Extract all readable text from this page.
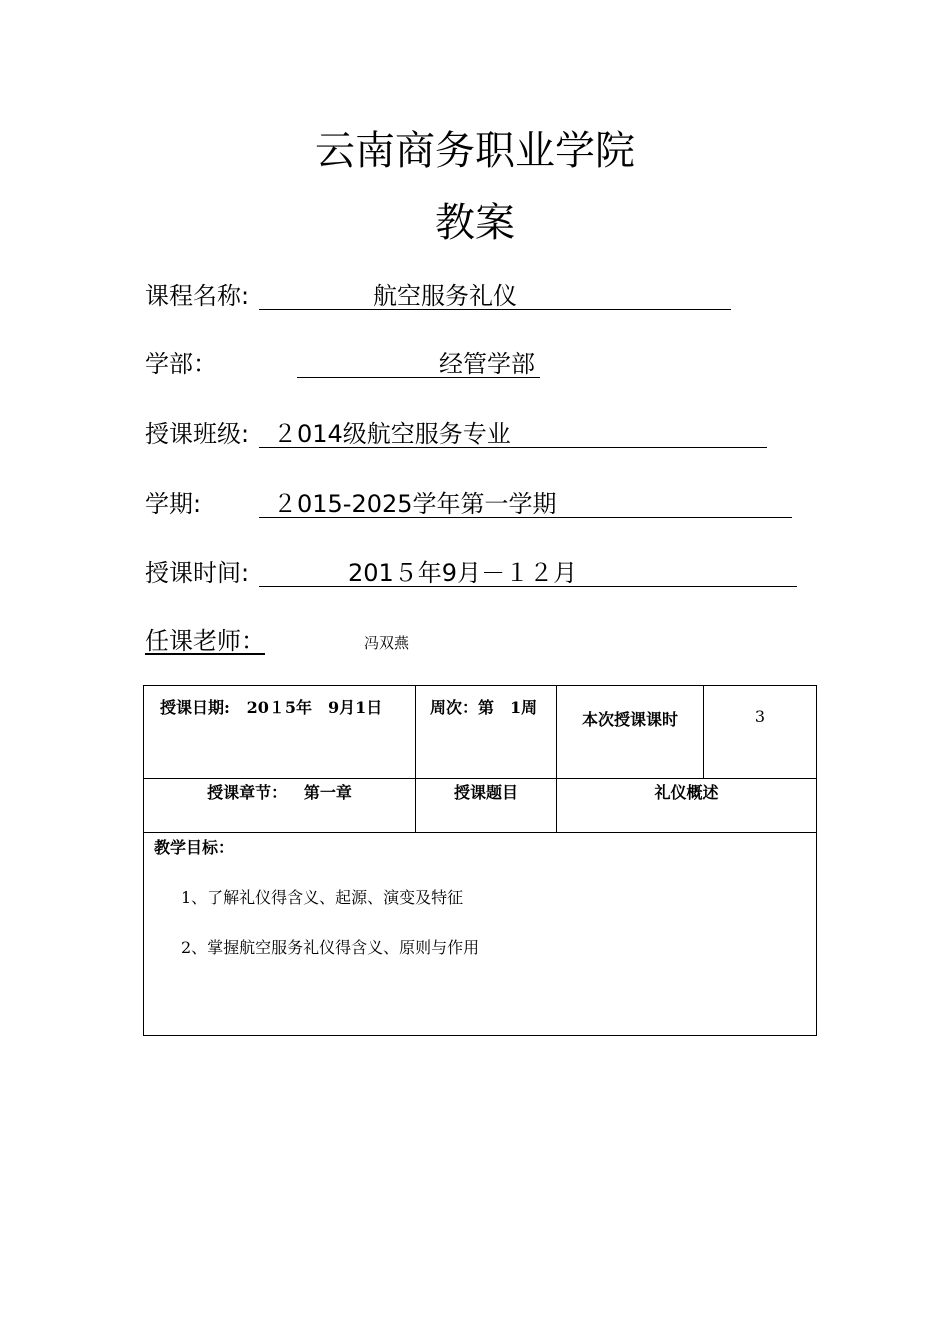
云南商务职业学院
教案
课程名称:	航空服务礼仪
学部：	经管学部
授课班级: ２014级航空服务专业
学期:	２015-2025学年第一学期
授课时间:	201５年9月－１２月
任课老师：	冯双燕
授课日期: 20１5年　9月1日	周次：第　1周	本次授课课时	3
授课章节： 第一章	授课题目	礼仪概述	

教学目标：
1、了解礼仪得含义、起源、演变及特征
2、掌握航空服务礼仪得含义、原则与作用			
